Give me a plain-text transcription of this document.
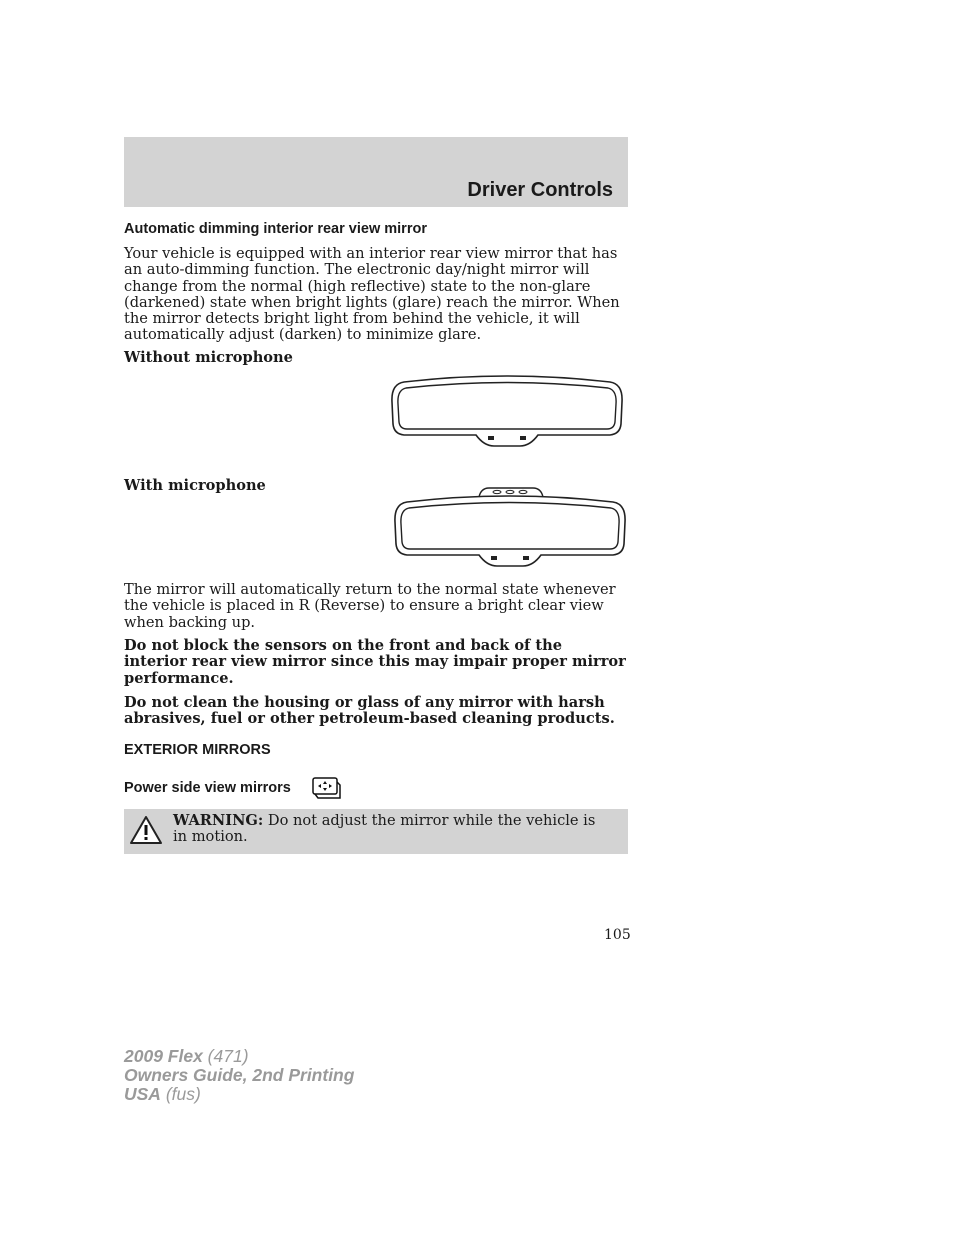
Driver Controls
Automatic dimming interior rear view mirror
Your vehicle is equipped with an interior rear view mirror that has an auto-dimming function. The electronic day/night mirror will change from the normal (high reflective) state to the non-glare (darkened) state when bright lights (glare) reach the mirror. When the mirror detects bright light from behind the vehicle, it will automatically adjust (darken) to minimize glare.
Without microphone
With microphone
The mirror will automatically return to the normal state whenever the vehicle is placed in R (Reverse) to ensure a bright clear view when backing up.
Do not block the sensors on the front and back of the interior rear view mirror since this may impair proper mirror performance.
Do not clean the housing or glass of any mirror with harsh abrasives, fuel or other petroleum-based cleaning products.
EXTERIOR MIRRORS
Power side view mirrors
WARNING: Do not adjust the mirror while the vehicle is in motion.
105
2009 Flex (471)
Owners Guide, 2nd Printing
USA (fus)
